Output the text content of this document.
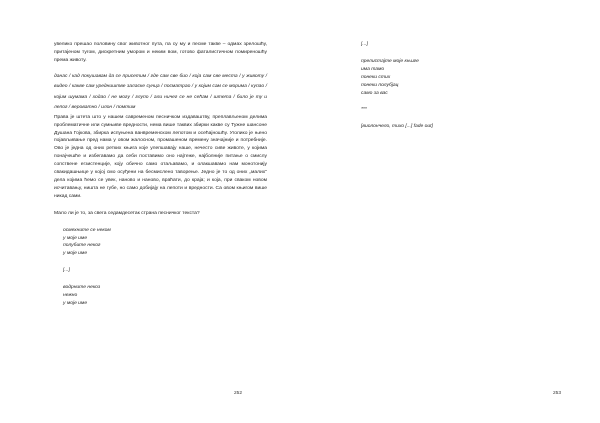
увелико прешао половину свог животног пута, па су му и песме такве – одмах зрелошћу, притајеном тугом, дискретним умором и неким вом, готово фаталистичном помиреношћу према животу.

данас / кад покушавам да се присетим / где сам све био / која сам све места / у животу / видео / какве сам уредништве заласке сунца / посматрао / у којим сам се морима / купао / којим шумама / ходао / не могу / глупо / али ничег се не сећам / штета / било је ту и лепог / вероватно / илон / помтим

Права је штета што у нашем савременом песничком издаваштву, преплављеном делима проблематичне или сумњиве вредности, нема више таквих збирки какве су Тужне шансоне Душана Гојкова, збирка испуњена ванвременском лепотом и осећајношћу. Уголико је њено појављивање пред нама у овом жалосном, промашеном времену значајније и потребније. Ово је једна од оних ретких књига које улепшавају наше, нечесто сиве животе, у којима понајчешће и избегавамо да себи поставимо оно најтеже, најболније питање о смислу сопствене егзистенције, коју обично само отаљавамо, и олакшавамо нам монотонију свакидашњице у којој смо осуђени на бесмислено тавoрење. Једно је то од оних „малих" дела којима ћемо се увек, наново и наново, враћати, до краја; и која, при сваком новом исчитавању, ништа не губе, но само добијају на лепоти и вредности. Са овом књигом више никад сами.

Мало ли је то, за свега седамдесетак страна песничког текста?

осмехните се неком
у моје име
полубите неког
у моје име
[...]
водрните некоз
нежно
у моје име
252
[...]
прелистајте моје књиге
има тамо
понеки стих
понеки полубјац
само за вас
***
[виолончело, тихо [...] fade out]
253
